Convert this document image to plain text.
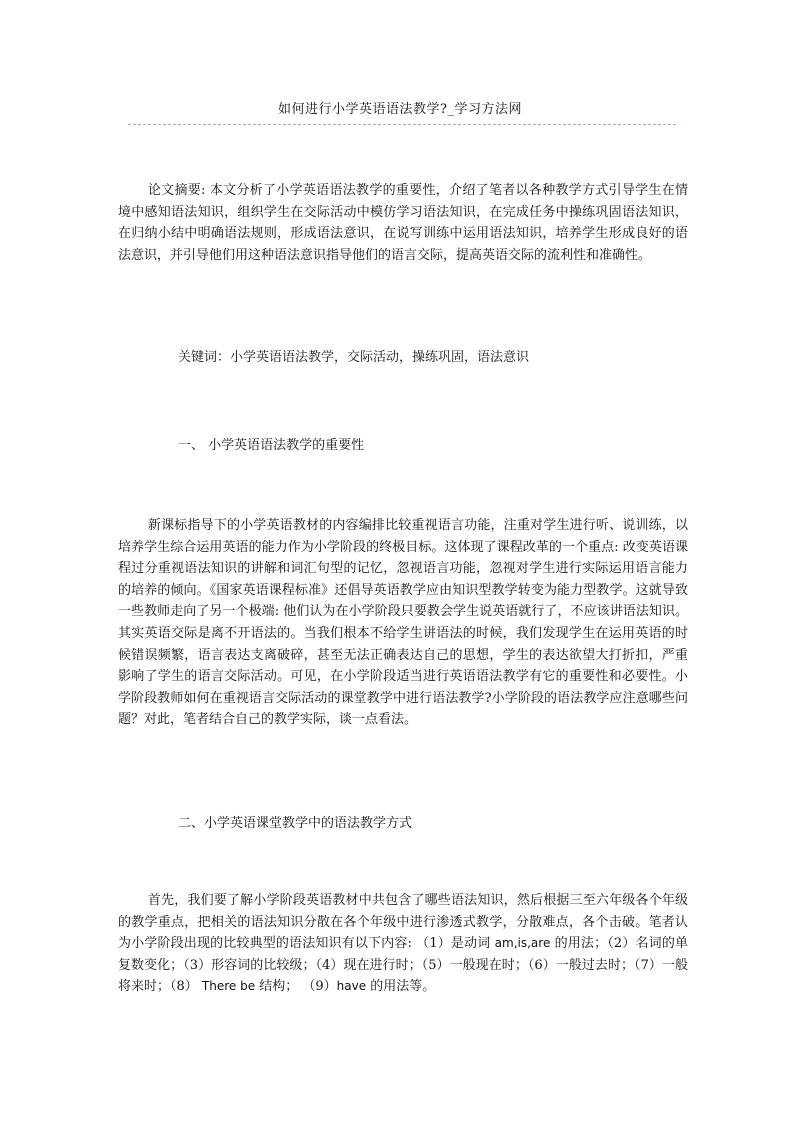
如何进行小学英语语法教学?_学习方法网

论文摘要: 本文分析了小学英语语法教学的重要性，介绍了笔者以各种教学方式引导学生在情境中感知语法知识，组织学生在交际活动中模仿学习语法知识，在完成任务中操练巩固语法知识，在归纳小结中明确语法规则，形成语法意识，在说写训练中运用语法知识，培养学生形成良好的语法意识，并引导他们用这种语法意识指导他们的语言交际，提高英语交际的流利性和准确性。

关键词：小学英语语法教学，交际活动，操练巩固，语法意识
一、 小学英语语法教学的重要性

新课标指导下的小学英语教材的内容编排比较重视语言功能，注重对学生进行听、说训练，以培养学生综合运用英语的能力作为小学阶段的终极目标。这体现了课程改革的一个重点: 改变英语课程过分重视语法知识的讲解和词汇句型的记忆，忽视语言功能，忽视对学生进行实际运用语言能力的培养的倾向。《国家英语课程标准》还倡导英语教学应由知识型教学转变为能力型教学。这就导致一些教师走向了另一个极端: 他们认为在小学阶段只要教会学生说英语就行了，不应该讲语法知识。其实英语交际是离不开语法的。当我们根本不给学生讲语法的时候，我们发现学生在运用英语的时候错误频繁，语言表达支离破碎，甚至无法正确表达自己的思想，学生的表达欲望大打折扣，严重影响了学生的语言交际活动。可见，在小学阶段适当进行英语语法教学有它的重要性和必要性。小学阶段教师如何在重视语言交际活动的课堂教学中进行语法教学?小学阶段的语法教学应注意哪些问题？对此，笔者结合自己的教学实际，谈一点看法。

二、小学英语课堂教学中的语法教学方式

首先，我们要了解小学阶段英语教材中共包含了哪些语法知识，然后根据三至六年级各个年级的教学重点，把相关的语法知识分散在各个年级中进行渗透式教学，分散难点，各个击破。笔者认为小学阶段出现的比较典型的语法知识有以下内容: （1）是动词 am,is,are 的用法；（2）名词的单复数变化；（3）形容词的比较级；（4）现在进行时；（5）一般现在时；（6）一般过去时；（7）一般将来时；（8） There be 结构； （9）have 的用法等。
